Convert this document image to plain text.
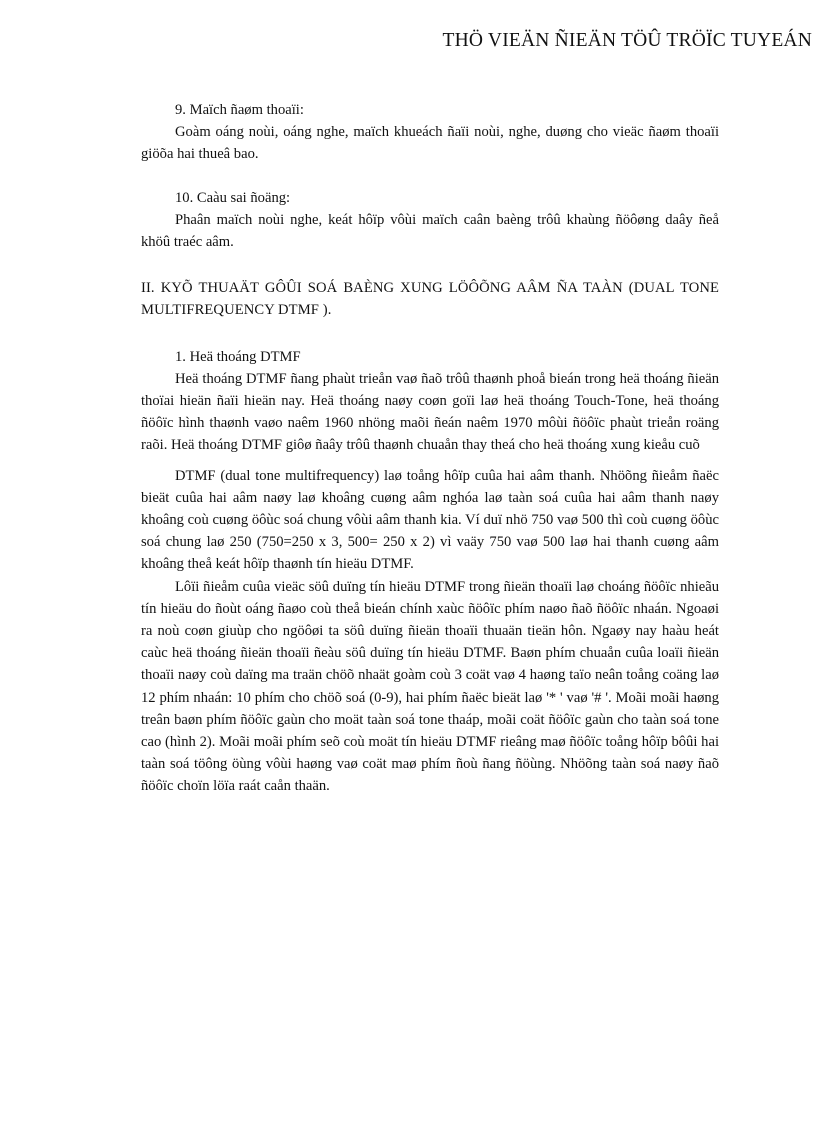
THÖ VIEÄN ÑIEÄN TÖÛ TRÖÏC TUYEÁN

9. Maïch ñaøm thoaïi:

Goàm oáng noùi, oáng nghe, maïch khueách ñaïi noùi, nghe, duøng cho vieäc ñaøm thoaïi giöõa hai thueâ bao.

10. Caàu sai ñoäng:

Phaân maïch noùi nghe, keát hôïp vôùi maïch caân baèng trôû khaùng ñöôøng daây ñeå khöû traéc aâm.

II. KYÕ THUAÄT GÔÛI SOÁ BAÈNG XUNG LÖÔÕNG AÂM ÑA TAÀN (DUAL TONE MULTIFREQUENCY DTMF ).

1. Heä thoáng DTMF

Heä thoáng DTMF ñang phaùt trieån vaø ñaõ trôû thaønh phoå bieán trong heä thoáng ñieän thoïai hieän ñaïi hieän nay. Heä thoáng naøy coøn goïi laø heä thoáng Touch-Tone, heä thoáng ñöôïc hình thaønh vaøo naêm 1960 nhöng maõi ñeán naêm 1970 môùi ñöôïc phaùt trieån roäng raõi. Heä thoáng DTMF giôø ñaây trôû thaønh chuaån thay theá cho heä thoáng xung kieåu cuõ

DTMF (dual tone multifrequency) laø toång hôïp cuûa hai aâm thanh. Nhöõng ñieåm ñaëc bieät cuûa hai aâm naøy laø khoâng cuøng aâm nghóa laø taàn soá cuûa hai aâm thanh naøy khoâng coù cuøng öôùc soá chung vôùi aâm thanh kia. Ví duï nhö 750 vaø 500 thì coù cuøng öôùc soá chung laø 250 (750=250 x 3, 500= 250 x 2) vì vaäy 750 vaø 500 laø hai thanh cuøng aâm khoâng theå keát hôïp thaønh tín hieäu DTMF.

Lôïi ñieåm cuûa vieäc söû duïng tín hieäu DTMF trong ñieän thoaïi laø choáng ñöôïc nhieãu tín hieäu do ñoùt oáng ñaøo coù theå bieán chính xaùc ñöôïc phím naøo ñaõ ñöôïc nhaán. Ngoaøi ra noù coøn giuùp cho ngöôøi ta söû duïng ñieän thoaïi thuaän tieän hôn. Ngaøy nay haàu heát caùc heä thoáng ñieän thoaïi ñeàu söû duïng tín hieäu DTMF. Baøn phím chuaån cuûa loaïi ñieän thoaïi naøy coù daïng ma traän chöõ nhaät goàm coù 3 coät vaø 4 haøng taïo neân toång coäng laø 12 phím nhaán: 10 phím cho chöõ soá (0-9), hai phím ñaëc bieät laø '* ' vaø '# '. Moãi moãi haøng treân baøn phím ñöôïc gaùn cho moät taàn soá tone thaáp, moãi coät ñöôïc gaùn cho taàn soá tone cao (hình 2). Moãi moãi phím seõ coù moät tín hieäu DTMF rieâng maø ñöôïc toång hôïp bôûi hai taàn soá töông öùng vôùi haøng vaø coät maø phím ñoù ñang ñöùng. Nhöõng taàn soá naøy ñaõ ñöôïc choïn löïa raát caån thaän.
